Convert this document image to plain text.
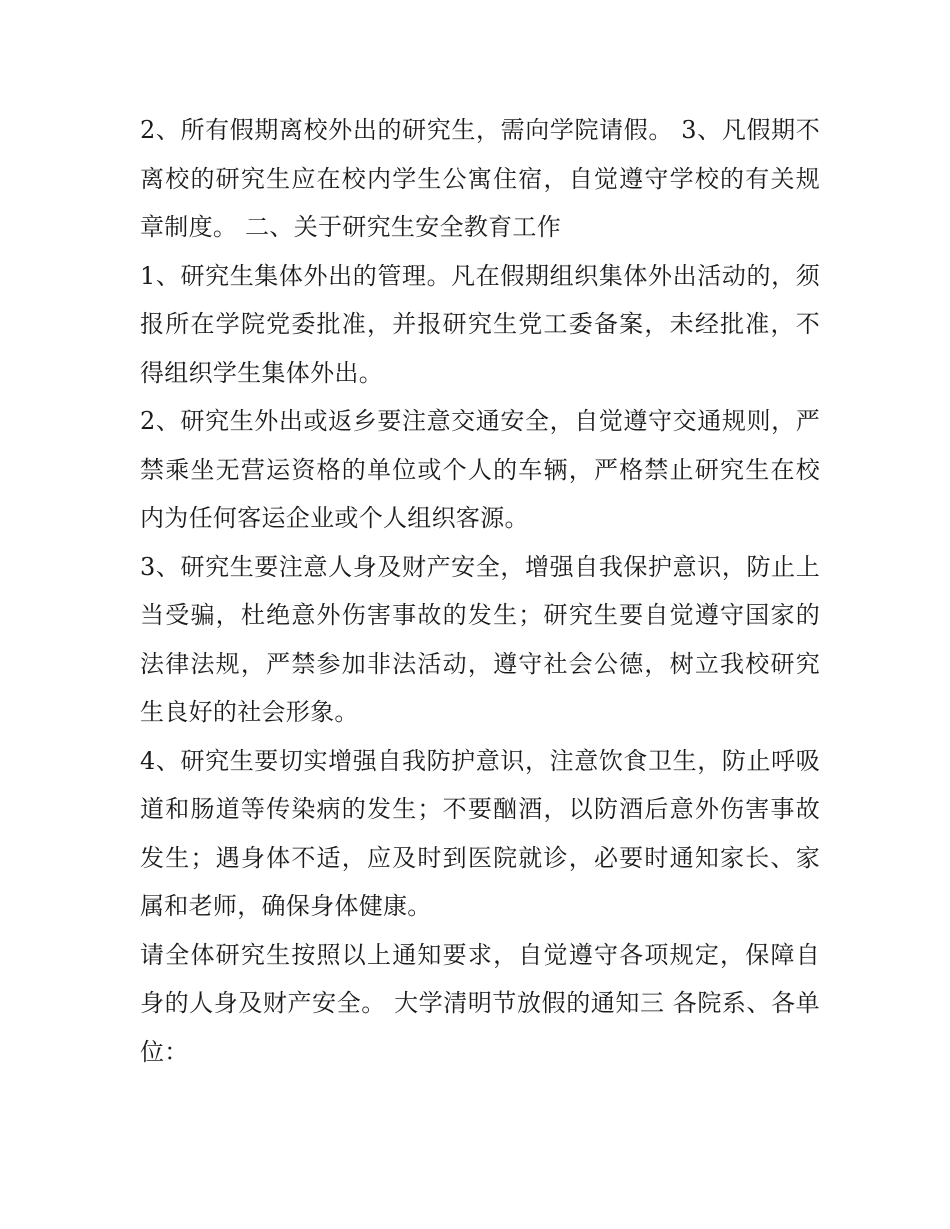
2、所有假期离校外出的研究生，需向学院请假。 3、凡假期不离校的研究生应在校内学生公寓住宿，自觉遵守学校的有关规章制度。 二、关于研究生安全教育工作

1、研究生集体外出的管理。凡在假期组织集体外出活动的，须报所在学院党委批准，并报研究生党工委备案，未经批准，不得组织学生集体外出。

2、研究生外出或返乡要注意交通安全，自觉遵守交通规则，严禁乘坐无营运资格的单位或个人的车辆，严格禁止研究生在校内为任何客运企业或个人组织客源。

3、研究生要注意人身及财产安全，增强自我保护意识，防止上当受骗，杜绝意外伤害事故的发生；研究生要自觉遵守国家的法律法规，严禁参加非法活动，遵守社会公德，树立我校研究生良好的社会形象。

4、研究生要切实增强自我防护意识，注意饮食卫生，防止呼吸道和肠道等传染病的发生；不要酗酒，以防酒后意外伤害事故发生；遇身体不适，应及时到医院就诊，必要时通知家长、家属和老师，确保身体健康。

请全体研究生按照以上通知要求，自觉遵守各项规定，保障自身的人身及财产安全。 大学清明节放假的通知三 各院系、各单位：
